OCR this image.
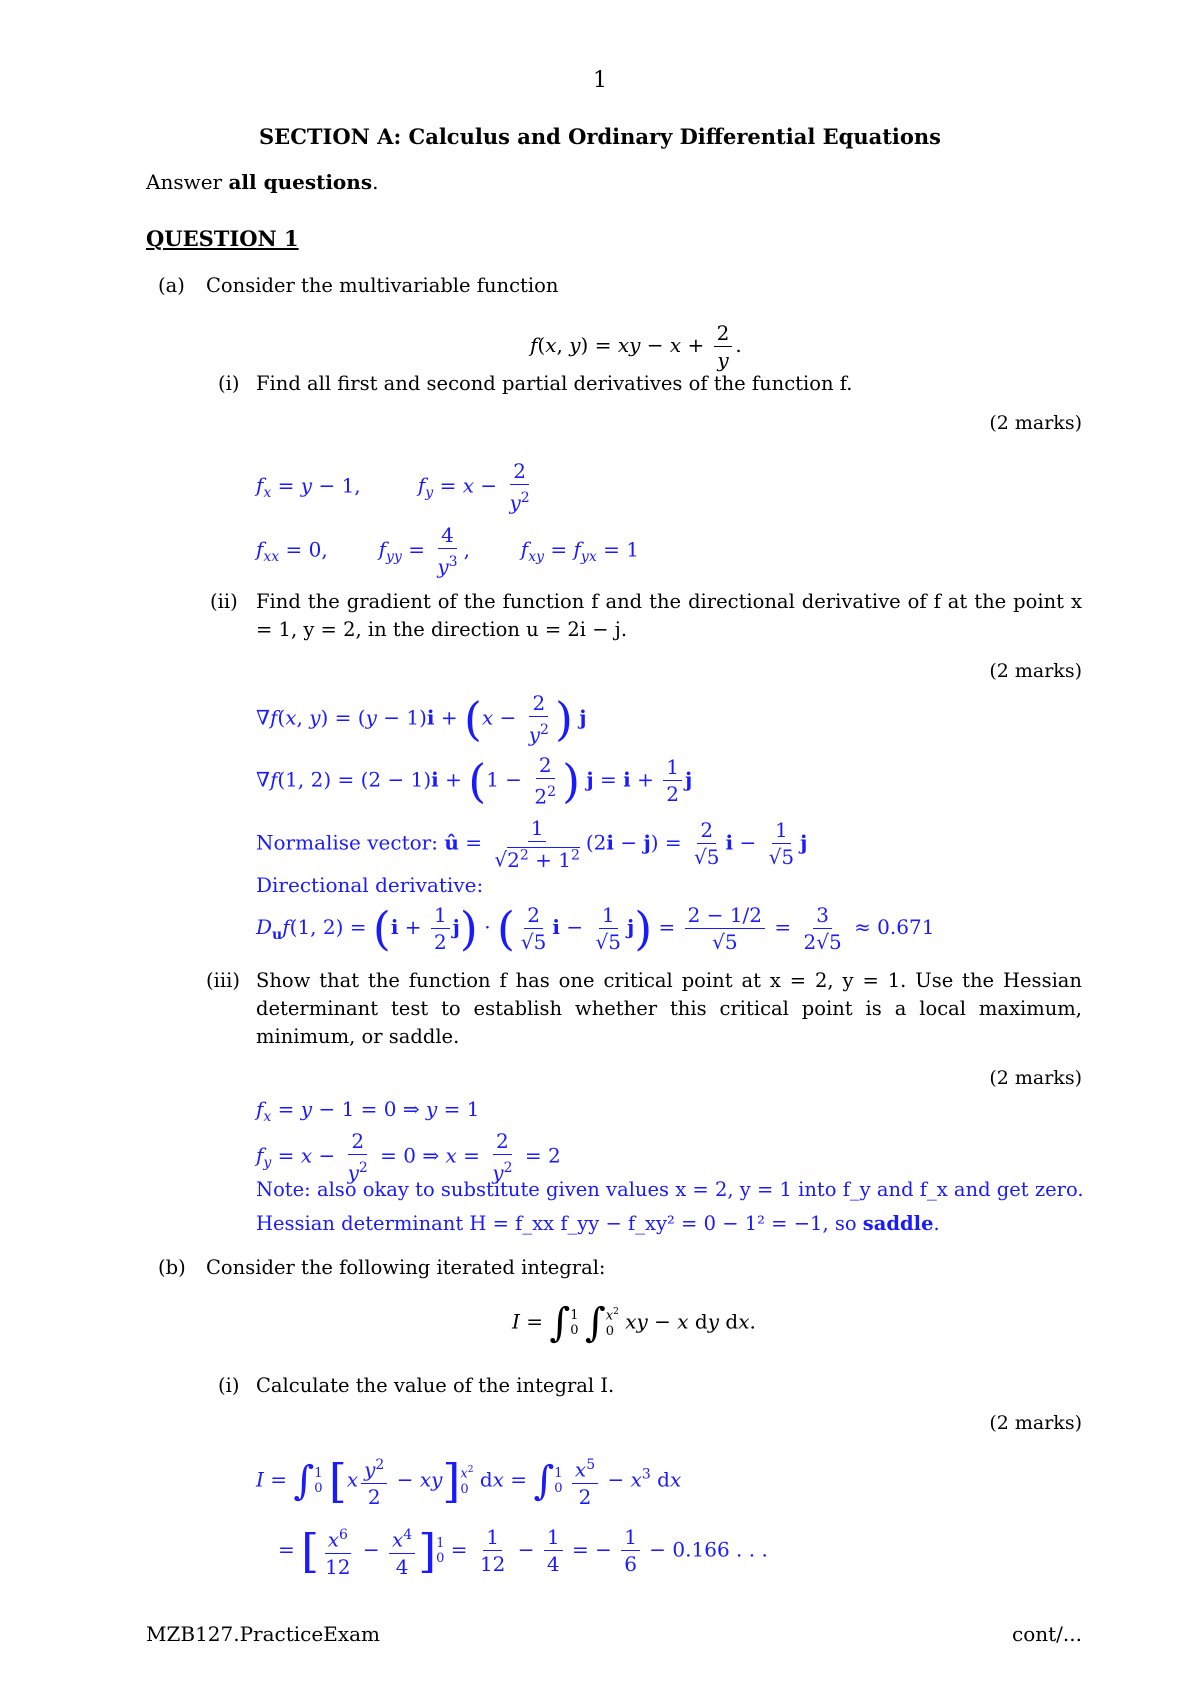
1
SECTION A: Calculus and Ordinary Differential Equations
Answer all questions.
QUESTION 1
(a) Consider the multivariable function
f(x, y) = xy − $x + \frac{2}{y}$ .
(i) Find all first and second partial derivatives of the function f.
(2 marks)
$f_x = y - 1$,         $f_y = x - \frac{2}{y^2}$
$f_{xx} = 0$,        $f_{yy} = \frac{4}{y^3}$ ,        $f_{xy} = f_{yx} = 1$
(ii) Find the gradient of the function f and the directional derivative of f at the point x = 1, y = 2, in the direction u = 2i − j.
(2 marks)
∇f(x, $y) = (y - 1)i + (x - \frac{2}{y^2}$ ) j
∇f(1, $2) = (2 - 1)i + (1 - \frac{2}{2^2}$ ) $j = i + \frac{1}{2}$ j
Normalise vector: û = $\frac{1}{√2^2 + 1^2} (2i - j) = \frac{2}{√5}$ $i - \frac{1}{√5}$ j
Directional derivative:
$D_uf(1$, $2) = (i + \frac{1}{2} j)$ · ( $\frac{2}{√5}$ $i - \frac{1}{√5} j) = \frac{2 - 1/2}{√5} = \frac{3}{2√5} \approx 0.671$
(iii) Show that the function f has one critical point at x = 2, y = 1. Use the Hessian determinant test to establish whether this critical point is a local maximum, minimum, or saddle.
(2 marks)
$f_x = y - 1 = 0$ ⇒ y = 1
$f_y = x - \frac{2}{y^2} = 0$ ⇒ $x = \frac{2}{y^2} = 2$
Note: also okay to substitute given values x = 2, y = 1 into f_y and f_x and get zero.
Hessian determinant H = f_xx f_yy − f_xy² = 0 − 1² = −1, so saddle.
(b) Consider the following iterated integral:
I = ∫ 1
0 ∫ $x^2$
0 xy − x dy dx.
(i) Calculate the value of the integral I.
(2 marks)
I = ∫ 1
0 $[x \frac{y^2}{2} - xy]$ $x^2$
0 dx = ∫ 1
0
$\frac{x^5}{2} - x^3$ dx
= [ $\frac{x^6}{12} - \frac{x^4}{4}$ ] 1
$0 = \frac{1}{12} - \frac{1}{4}$ = − $\frac{1}{6} - 0.166$ . . .
MZB127.PracticeExam	cont/...
